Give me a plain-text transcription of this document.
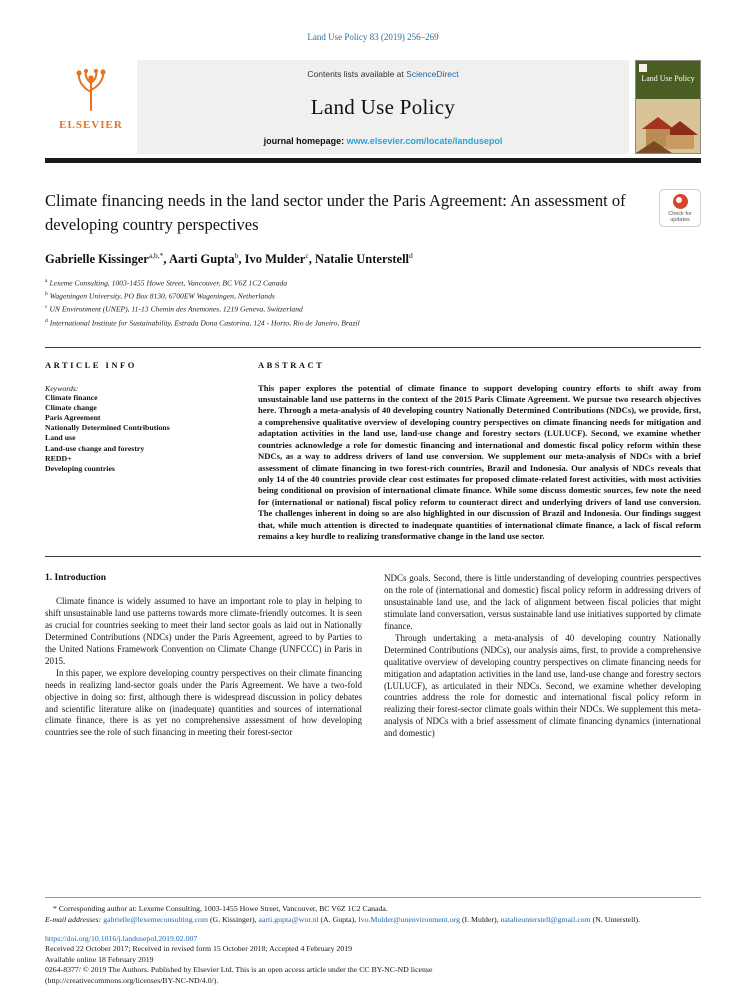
Land Use Policy 83 (2019) 256–269
ELSEVIER
Contents lists available at ScienceDirect
Land Use Policy
journal homepage: www.elsevier.com/locate/landusepol
Land Use Policy
Climate financing needs in the land sector under the Paris Agreement: An assessment of developing country perspectives
Check for
updates
Gabrielle Kissinger$^{a,b,*}$ , Aarti Gupta$^b$ , Ivo Mulder$^c$ , Natalie Unterstell$^d$
$^a$ Lexeme Consulting, 1003-1455 Howe Street, Vancouver, BC V6Z 1C2 Canada
$^b$ Wageningen University, PO Box 8130, 6700EW Wageningen, Netherlands
$^c$ UN Environment (UNEP), 11-13 Chemin des Anemones, 1219 Geneva, Switzerland
$^d$ International Institute for Sustainability, Estrada Dona Castorina, 124 - Horto, Rio de Janeiro, Brazil
ARTICLE INFO
Keywords:
Climate finance
Climate change
Paris Agreement
Nationally Determined Contributions
Land use
Land-use change and forestry
REDD+
Developing countries
ABSTRACT
This paper explores the potential of climate finance to support developing country efforts to shift away from unsustainable land use patterns in the context of the 2015 Paris Climate Agreement. We pursue two research objectives here. Through a meta-analysis of 40 developing country Nationally Determined Contributions (NDCs), we provide, first, a comprehensive qualitative overview of developing country perspectives on climate financing needs for mitigation and adaptation activities in the land use, land-use change and forestry sectors (LULUCF). Second, we examine whether countries acknowledge a role for domestic financing and international and domestic fiscal policy reform within these NDCs, as a way to address drivers of land use conversion. We supplement our meta-analysis of NDCs with a brief assessment of climate financing in two forest-rich countries, Brazil and Indonesia. Our analysis of NDCs reveals that only 14 of the 40 countries provide clear cost estimates for proposed climate-related forest activities, with most activities being conditional on provision of international climate finance. While some discuss domestic sources, few note the need for (international or national) fiscal policy reform to counteract direct and underlying drivers of land use conversion. The challenges inherent in doing so are also highlighted in our discussion of Brazil and Indonesia. Our findings suggest that, while much attention is directed to inadequate quantities of international climate finance, a lack of fiscal reform remains a key hurdle to realizing transformative change in the land use sector.
1. Introduction

Climate finance is widely assumed to have an important role to play in helping to shift unsustainable land use patterns towards more climate-friendly outcomes. It is seen as crucial for countries seeking to meet their land sector goals as laid out in Nationally Determined Contributions (NDCs) under the Paris Agreement, agreed to by Parties to the United Nations Framework Convention on Climate Change (UNFCCC) in Paris in 2015.

In this paper, we explore developing country perspectives on their climate financing needs in realizing land-sector goals under the Paris Agreement. We have a two-fold objective in doing so: first, although there is widespread discussion in policy debates and scientific literature alike on (inadequate) quantities and sources of international climate finance, there is as yet no comprehensive assessment of how developing countries see the role of such financing in meeting their forest-sector

NDCs goals. Second, there is little understanding of developing countries perspectives on the role of (international and domestic) fiscal policy reform in addressing drivers of unsustainable land use, and the lack of alignment between fiscal policies that might stimulate land conversation, versus sustainable land use initiatives supported by climate finance.

Through undertaking a meta-analysis of 40 developing country Nationally Determined Contributions (NDCs), our analysis aims, first, to provide a comprehensive qualitative overview of developing country perspectives on climate financing needs for mitigation and adaptation activities in the land use, land-use change and forestry sectors (LULUCF), as articulated in their NDCs. Second, we examine whether developing countries address the role for domestic and international fiscal policy reform in realizing their forest-sector climate goals within their NDCs. We supplement this meta-analysis of NDCs with a brief assessment of climate financing dynamics (international and domestic)

* Corresponding author at: Lexeme Consulting, 1003-1455 Howe Street, Vancouver, BC V6Z 1C2 Canada.
E-mail addresses: gabrielle@lexemeconsulting.com (G. Kissinger), aarti.gupta@wur.nl (A. Gupta), Ivo.Mulder@unenvironment.org (I. Mulder), natalieunterstell@gmail.com (N. Unterstell).
https://doi.org/10.1016/j.landusepol.2019.02.007
Received 22 October 2017; Received in revised form 15 October 2018; Accepted 4 February 2019
Available online 18 February 2019
0264-8377/ © 2019 The Authors. Published by Elsevier Ltd. This is an open access article under the CC BY-NC-ND license
(http://creativecommons.org/licenses/BY-NC-ND/4.0/).
